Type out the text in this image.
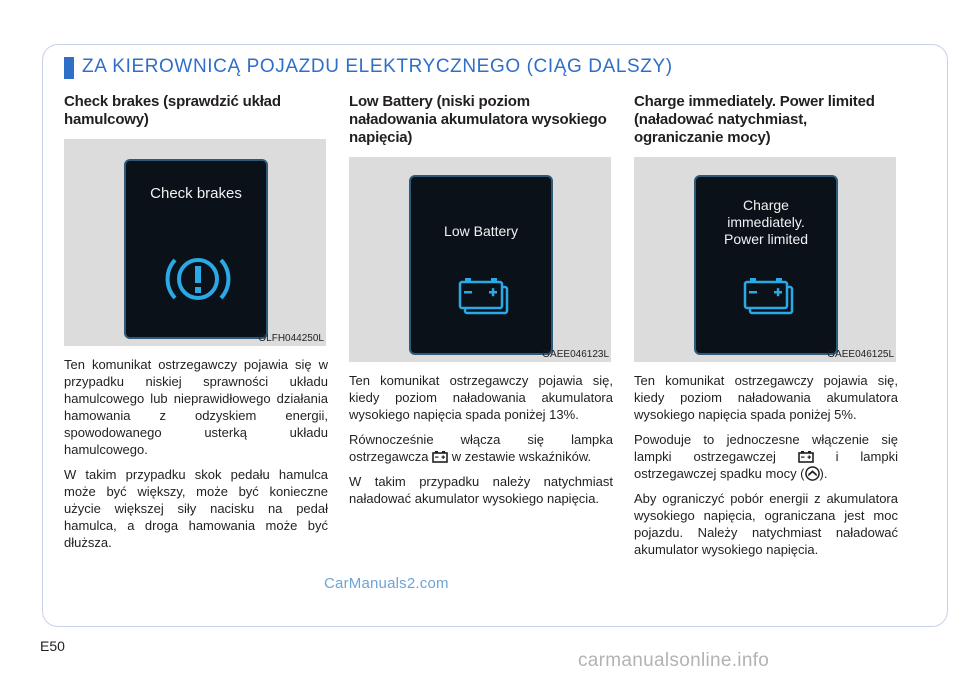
ZA KIEROWNICĄ POJAZDU ELEKTRYCZNEGO (CIĄG DALSZY)
Check brakes (sprawdzić układ hamulcowy)
Check brakes
OLFH044250L

Ten komunikat ostrzegawczy pojawia się w przypadku niskiej sprawności układu hamulcowego lub nieprawidłowego działania hamowania z odzyskiem energii, spowodowanego usterką układu hamulcowego.

W takim przypadku skok pedału hamulca może być większy, może być konieczne użycie większej siły nacisku na pedał hamulca, a droga hamowania może być dłuższa.

Low Battery (niski poziom naładowania akumulatora wysokiego napięcia)
Low Battery
OAEE046123L

Ten komunikat ostrzegawczy pojawia się, kiedy poziom naładowania akumulatora wysokiego napięcia spada poniżej 13%.

Równocześnie włącza się lampka ostrzegawcza w zestawie wskaźników.

W takim przypadku należy natychmiast naładować akumulator wysokiego napięcia.

Charge immediately. Power limited (naładować natychmiast, ograniczanie mocy)
Charge
immediately.
Power limited
OAEE046125L

Ten komunikat ostrzegawczy pojawia się, kiedy poziom naładowania akumulatora wysokiego napięcia spada poniżej 5%.

Powoduje to jednoczesne włączenie się lampki ostrzegawczej	i lampki ostrzegawczej spadku mocy ( ).

Aby ograniczyć pobór energii z akumulatora wysokiego napięcia, ograniczana jest moc pojazdu. Należy natychmiast naładować akumulator wysokiego napięcia.

CarManuals2.com
E50
carmanualsonline.info
